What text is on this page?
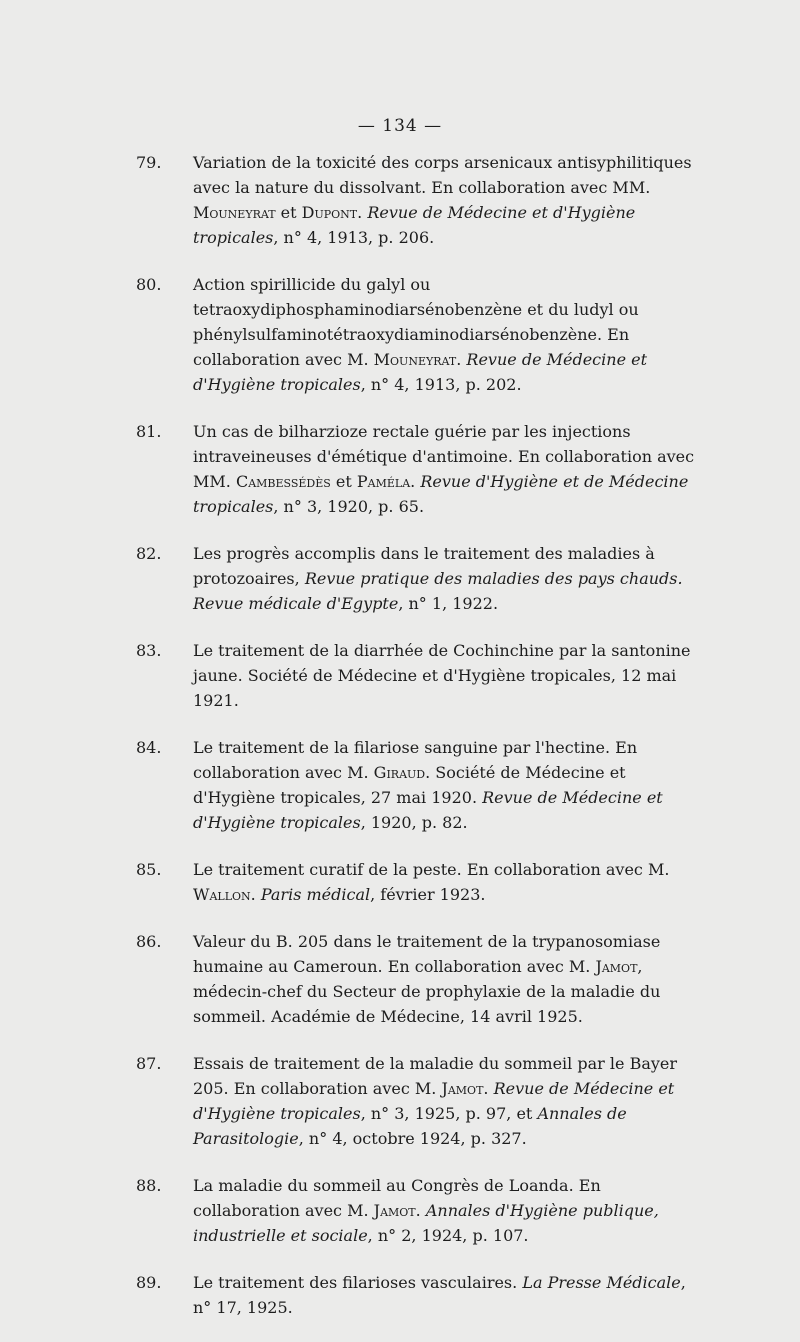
— 134 —
79. Variation de la toxicité des corps arsenicaux antisyphilitiques avec la nature du dissolvant. En collaboration avec MM. Mouneyrat et Dupont. Revue de Médecine et d'Hygiène tropicales, n° 4, 1913, p. 206.
80. Action spirillicide du galyl ou tetraoxydiphosphaminodiarsénobenzène et du ludyl ou phénylsulfaminotétraoxydiaminodiarsénobenzène. En collaboration avec M. Mouneyrat. Revue de Médecine et d'Hygiène tropicales, n° 4, 1913, p. 202.
81. Un cas de bilharzioze rectale guérie par les injections intraveineuses d'émétique d'antimoine. En collaboration avec MM. Cambessédès et Paméla. Revue d'Hygiène et de Médecine tropicales, n° 3, 1920, p. 65.
82. Les progrès accomplis dans le traitement des maladies à protozoaires, Revue pratique des maladies des pays chauds. Revue médicale d'Egypte, n° 1, 1922.
83. Le traitement de la diarrhée de Cochinchine par la santonine jaune. Société de Médecine et d'Hygiène tropicales, 12 mai 1921.
84. Le traitement de la filariose sanguine par l'hectine. En collaboration avec M. Giraud. Société de Médecine et d'Hygiène tropicales, 27 mai 1920. Revue de Médecine et d'Hygiène tropicales, 1920, p. 82.
85. Le traitement curatif de la peste. En collaboration avec M. Wallon. Paris médical, février 1923.
86. Valeur du B. 205 dans le traitement de la trypanosomiase humaine au Cameroun. En collaboration avec M. Jamot, médecin-chef du Secteur de prophylaxie de la maladie du sommeil. Académie de Médecine, 14 avril 1925.
87. Essais de traitement de la maladie du sommeil par le Bayer 205. En collaboration avec M. Jamot. Revue de Médecine et d'Hygiène tropicales, n° 3, 1925, p. 97, et Annales de Parasitologie, n° 4, octobre 1924, p. 327.
88. La maladie du sommeil au Congrès de Loanda. En collaboration avec M. Jamot. Annales d'Hygiène publique, industrielle et sociale, n° 2, 1924, p. 107.
89. Le traitement des filarioses vasculaires. La Presse Médicale, n° 17, 1925.
